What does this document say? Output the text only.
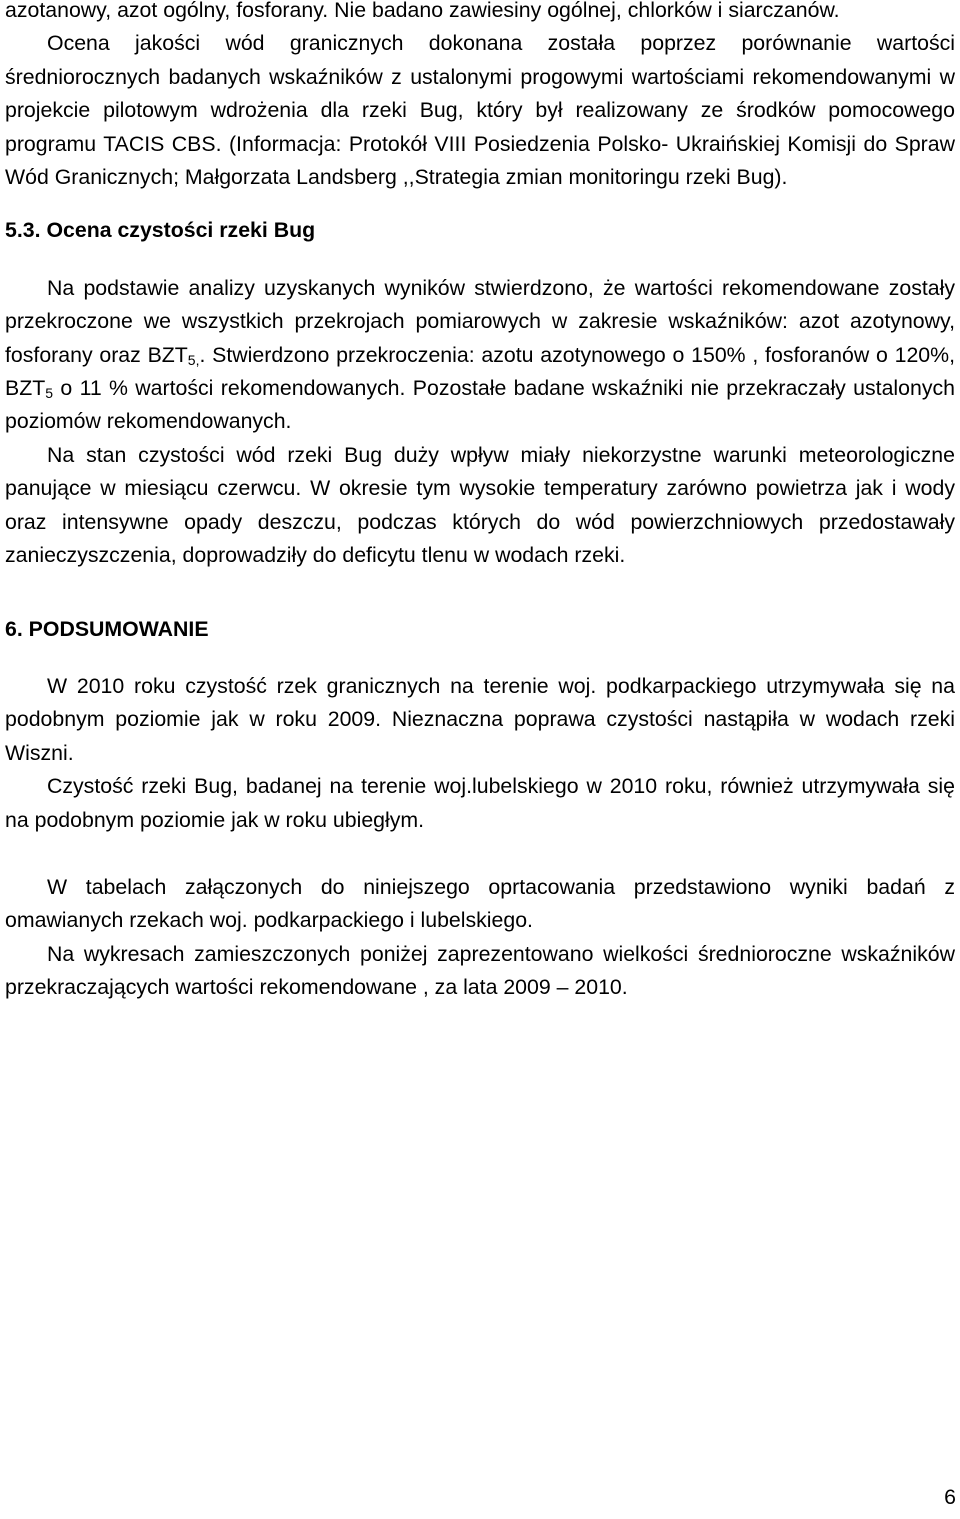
azotanowy, azot ogólny, fosforany. Nie badano zawiesiny ogólnej, chlorków i siarczanów.

Ocena jakości wód granicznych dokonana została poprzez porównanie wartości średniorocznych badanych wskaźników z ustalonymi progowymi wartościami rekomendowanymi w projekcie pilotowym wdrożenia dla rzeki Bug, który był realizowany ze środków pomocowego programu TACIS CBS. (Informacja: Protokół VIII Posiedzenia Polsko- Ukraińskiej Komisji do Spraw Wód Granicznych; Małgorzata Landsberg ,,Strategia zmian monitoringu rzeki Bug).

5.3. Ocena czystości rzeki Bug

Na podstawie analizy uzyskanych wyników stwierdzono, że wartości rekomendowane zostały przekroczone we wszystkich przekrojach pomiarowych w zakresie wskaźników: azot azotynowy, fosforany oraz $BZT_{5,}$. Stwierdzono przekroczenia: azotu azotynowego o 150% , fosforanów o 120%, $BZT_5$ o 11 % wartości rekomendowanych. Pozostałe badane wskaźniki nie przekraczały ustalonych poziomów rekomendowanych.

Na stan czystości wód rzeki Bug duży wpływ miały niekorzystne warunki meteorologiczne panujące w miesiącu czerwcu. W okresie tym wysokie temperatury zarówno powietrza jak i wody oraz intensywne opady deszczu, podczas których do wód powierzchniowych przedostawały zanieczyszczenia, doprowadziły do deficytu tlenu w wodach rzeki.

6. PODSUMOWANIE

W 2010 roku czystość rzek granicznych na terenie woj. podkarpackiego utrzymywała się na podobnym poziomie jak w roku 2009. Nieznaczna poprawa czystości nastąpiła w wodach rzeki Wiszni.

Czystość rzeki Bug, badanej na terenie woj.lubelskiego w 2010 roku, również utrzymywała się na podobnym poziomie jak w roku ubiegłym.

W tabelach załączonych do niniejszego oprtacowania przedstawiono wyniki badań z omawianych rzekach woj. podkarpackiego i lubelskiego.

Na wykresach zamieszczonych poniżej zaprezentowano wielkości średnioroczne wskaźników przekraczających wartości rekomendowane , za lata 2009 – 2010.

6
